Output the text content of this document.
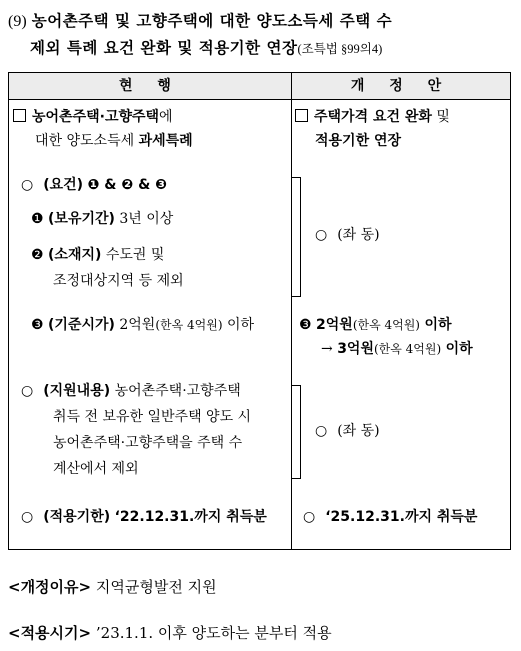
(9) 농어촌주택 및 고향주택에 대한 양도소득세 주택 수
제외 특례 요건 완화 및 적용기한 연장(조특법 §99의4)
현 행	개 정 안
농어촌주택·고향주택에
대한 양도소득세 과세특례
○ (요건) ❶ & ❷ & ❸
❶ (보유기간) 3년 이상
❷ (소재지) 수도권 및
조정대상지역 등 제외
❸ (기준시가) 2억원(한옥 4억원) 이하
○ (지원내용) 농어촌주택·고향주택
취득 전 보유한 일반주택 양도 시
농어촌주택·고향주택을 주택 수
계산에서 제외
○ (적용기한) ‘22.12.31.까지 취득분
주택가격 요건 완화 및
적용기한 연장
○ (좌 동)
❸ 2억원(한옥 4억원) 이하
→ 3억원(한옥 4억원) 이하
○ (좌 동)
○ ‘25.12.31.까지 취득분
<개정이유> 지역균형발전 지원
<적용시기> ’23.1.1. 이후 양도하는 분부터 적용
